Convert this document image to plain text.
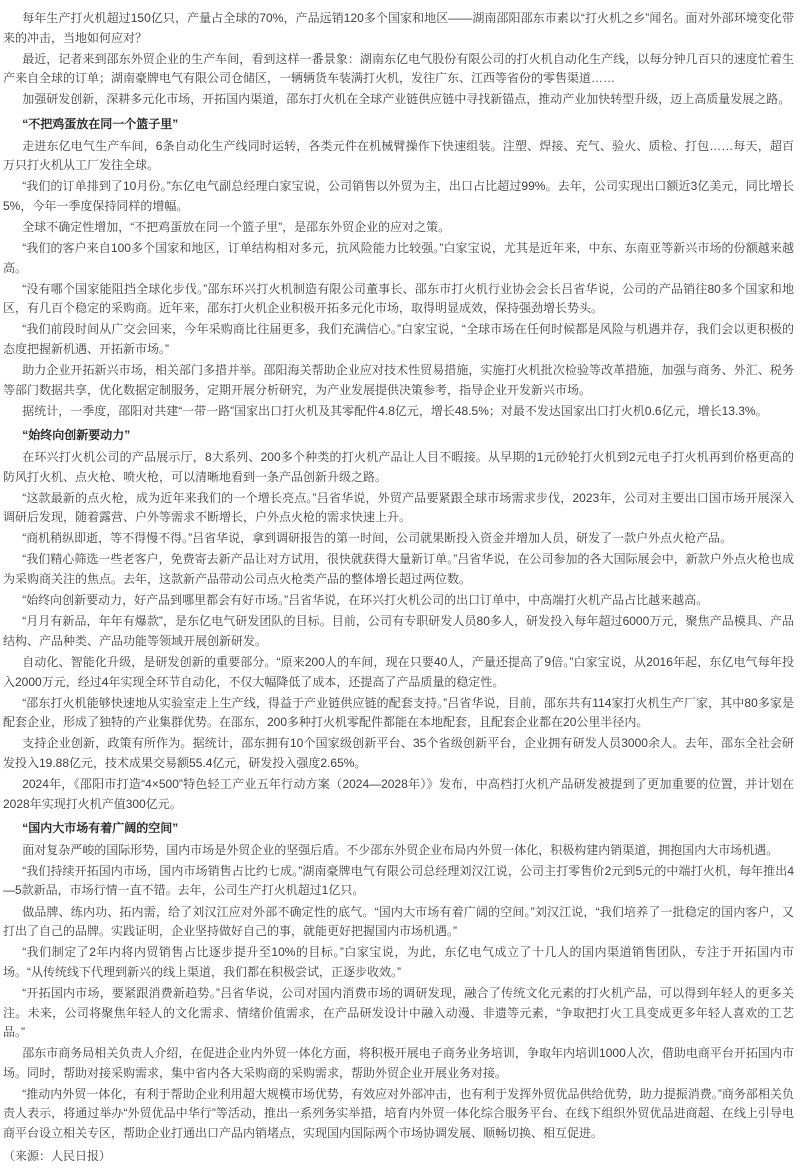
每年生产打火机超过150亿只，产量占全球的70%，产品远销120多个国家和地区——湖南邵阳邵东市素以“打火机之乡”闻名。面对外部环境变化带来的冲击，当地如何应对？

最近，记者来到邵东外贸企业的生产车间，看到这样一番景象：湖南东亿电气股份有限公司的打火机自动化生产线，以每分钟几百只的速度忙着生产来自全球的订单；湖南豪牌电气有限公司仓储区，一辆辆货车装满打火机，发往广东、江西等省份的零售渠道……

加强研发创新，深耕多元化市场，开拓国内渠道，邵东打火机在全球产业链供应链中寻找新锚点，推动产业加快转型升级，迈上高质量发展之路。

“不把鸡蛋放在同一个篮子里”

走进东亿电气生产车间，6条自动化生产线同时运转，各类元件在机械臂操作下快速组装。注塑、焊接、充气、验火、质检、打包……每天，超百万只打火机从工厂发往全球。

“我们的订单排到了10月份。”东亿电气副总经理白家宝说，公司销售以外贸为主，出口占比超过99%。去年，公司实现出口额近3亿美元，同比增长5%，今年一季度保持同样的增幅。

全球不确定性增加，“不把鸡蛋放在同一个篮子里”，是邵东外贸企业的应对之策。

“我们的客户来自100多个国家和地区，订单结构相对多元，抗风险能力比较强。”白家宝说，尤其是近年来，中东、东南亚等新兴市场的份额越来越高。

“没有哪个国家能阻挡全球化步伐。”邵东环兴打火机制造有限公司董事长、邵东市打火机行业协会会长吕省华说，公司的产品销往80多个国家和地区，有几百个稳定的采购商。近年来，邵东打火机企业积极开拓多元化市场，取得明显成效，保持强劲增长势头。

“我们前段时间从广交会回来，今年采购商比往届更多，我们充满信心。”白家宝说，“全球市场在任何时候都是风险与机遇并存，我们会以更积极的态度把握新机遇、开拓新市场。”

助力企业开拓新兴市场，相关部门多措并举。邵阳海关帮助企业应对技术性贸易措施，实施打火机批次检验等改革措施，加强与商务、外汇、税务等部门数据共享，优化数据定制服务，定期开展分析研究，为产业发展提供决策参考，指导企业开发新兴市场。

据统计，一季度，邵阳对共建“一带一路”国家出口打火机及其零配件4.8亿元，增长48.5%；对最不发达国家出口打火机0.6亿元，增长13.3%。

“始终向创新要动力”

在环兴打火机公司的产品展示厅，8大系列、200多个种类的打火机产品让人目不暇接。从早期的1元砂轮打火机到2元电子打火机再到价格更高的防风打火机、点火枪、喷火枪，可以清晰地看到一条产品创新升级之路。

“这款最新的点火枪，成为近年来我们的一个增长亮点。”吕省华说，外贸产品要紧跟全球市场需求步伐，2023年，公司对主要出口国市场开展深入调研后发现，随着露营、户外等需求不断增长，户外点火枪的需求快速上升。

“商机稍纵即逝，等不得慢不得。”吕省华说，拿到调研报告的第一时间，公司就果断投入资金并增加人员，研发了一款户外点火枪产品。

“我们精心筛选一些老客户，免费寄去新产品让对方试用，很快就获得大量新订单。”吕省华说，在公司参加的各大国际展会中，新款户外点火枪也成为采购商关注的焦点。去年，这款新产品带动公司点火枪类产品的整体增长超过两位数。

“始终向创新要动力，好产品到哪里都会有好市场。”吕省华说，在环兴打火机公司的出口订单中，中高端打火机产品占比越来越高。

“月月有新品，年年有爆款”，是东亿电气研发团队的目标。目前，公司有专职研发人员80多人，研发投入每年超过6000万元，聚焦产品模具、产品结构、产品种类、产品功能等领域开展创新研发。

自动化、智能化升级，是研发创新的重要部分。“原来200人的车间，现在只要40人，产量还提高了9倍。”白家宝说，从2016年起，东亿电气每年投入2000万元，经过4年实现全环节自动化，不仅大幅降低了成本，还提高了产品质量的稳定性。

“邵东打火机能够快速地从实验室走上生产线，得益于产业链供应链的配套支持。”吕省华说，目前，邵东共有114家打火机生产厂家，其中80多家是配套企业，形成了独特的产业集群优势。在邵东，200多种打火机零配件都能在本地配套，且配套企业都在20公里半径内。

支持企业创新，政策有所作为。据统计，邵东拥有10个国家级创新平台、35个省级创新平台，企业拥有研发人员3000余人。去年，邵东全社会研发投入19.88亿元，技术成果交易额55.4亿元，研发投入强度2.65%。

2024年，《邵阳市打造“4×500”特色轻工产业五年行动方案（2024—2028年）》发布，中高档打火机产品研发被提到了更加重要的位置，并计划在2028年实现打火机产值300亿元。

“国内大市场有着广阔的空间”

面对复杂严峻的国际形势，国内市场是外贸企业的坚强后盾。不少邵东外贸企业布局内外贸一体化，积极构建内销渠道，拥抱国内大市场机遇。

“我们持续开拓国内市场，国内市场销售占比约七成。”湖南豪牌电气有限公司总经理刘汉江说，公司主打零售价2元到5元的中端打火机，每年推出4—5款新品，市场行情一直不错。去年，公司生产打火机超过1亿只。

做品牌、练内功、拓内需，给了刘汉江应对外部不确定性的底气。“国内大市场有着广阔的空间。”刘汉江说，“我们培养了一批稳定的国内客户，又打出了自己的品牌。实践证明，企业坚持做好自己的事，就能更好把握国内市场机遇。”

“我们制定了2年内将内贸销售占比逐步提升至10%的目标。”白家宝说，为此，东亿电气成立了十几人的国内渠道销售团队，专注于开拓国内市场。“从传统线下代理到新兴的线上渠道，我们都在积极尝试，正逐步收效。”

“开拓国内市场，要紧跟消费新趋势。”吕省华说，公司对国内消费市场的调研发现，融合了传统文化元素的打火机产品，可以得到年轻人的更多关注。未来，公司将聚焦年轻人的文化需求、情绪价值需求，在产品研发设计中融入动漫、非遗等元素，“争取把打火工具变成更多年轻人喜欢的工艺品。”

邵东市商务局相关负责人介绍，在促进企业内外贸一体化方面，将积极开展电子商务业务培训，争取年内培训1000人次，借助电商平台开拓国内市场。同时，帮助对接采购需求，集中省内各大采购商的采购需求，帮助外贸企业开展业务对接。

“推动内外贸一体化，有利于帮助企业利用超大规模市场优势，有效应对外部冲击，也有利于发挥外贸优品供给优势，助力提振消费。”商务部相关负责人表示，将通过举办“外贸优品中华行”等活动，推出一系列务实举措，培育内外贸一体化综合服务平台、在线下组织外贸优品进商超、在线上引导电商平台设立相关专区，帮助企业打通出口产品内销堵点，实现国内国际两个市场协调发展、顺畅切换、相互促进。

（来源：人民日报）
